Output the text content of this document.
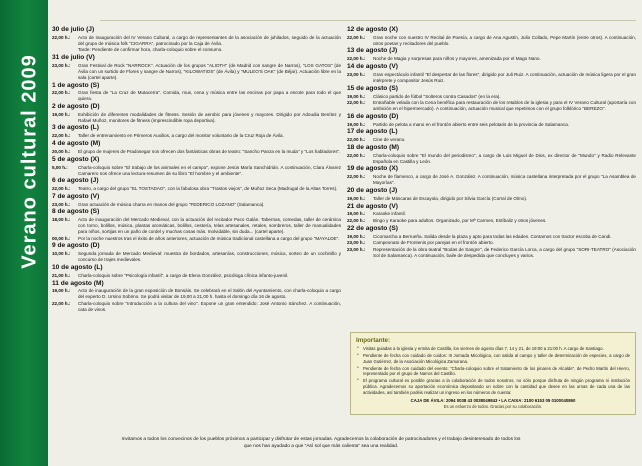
Verano cultural 2009
30 de julio (J)
22,00 h.:	Acto de inauguración del IV Verano Cultural, a cargo de representantes de la asociación de juhilados, seguido de la actuación del grupo de música folk "CIGARRA", patrocinado por la Caja de Ávila.
Tarde: Pendiente de confirmar hora, charla-coloquio sobre el consumo.
31 de julio (V)
23,00 h.:	Gran Festival de Rock "NARROCK". Actuación de los grupos "ALIOTH" (de Madrid con sangre de Narros), "LOS GATOS" (de Ávila con un surtido de Flores y sangre de Narros), "KILOWATIOS" (de Ávila) y "MULEO'S OAK" (de Béjar). Actuación libre en la sala (cartel aparte).
1 de agosto (S)
22,00 h.:	Gran fiesta de "La Cruz de Mutacerra". Comida, mus, cena y música entre las encinas por papa a escote para todo el que quiera.
2 de agosto (D)
19,00 h.:	Exhibición de diferentes modalidades de fitness. Sesión de aerobic para jóvenes y mayores. Dirigido por Adoudia Benítez y Rafael Muñoz, monitores de fitness (imprescindible ropa deportiva).
3 de agosto (L)
22,00 h.:	Taller de entrenamiento en Primeros Auxilios, a cargo del monitor voluntario de la Cruz Roja de Ávila.
4 de agosto (M)
20,00 h.:	El grupo de mujeres de Pradosegar nos ofrecen dos fantásticas obras de teatro: "Sancho Panza en la muda" y "Los habladores".
5 de agosto (X)
5,00 h.:	Charla-coloquio sobre "El trabajo de los animales en el campo", expone Jesús María Sanchidrián. A continuación, Clara Álvarez Camarero nos ofrece una lectura-resumen de su libro "El hombre y el ambiente".
6 de agosto (J)
22,00 h.:	Teatro, a cargo del grupo "EL TOSTADAO", con la fabulosa obra "Trastos viejos", de Muñoz Seca (Madrugal de la Altas Torres).
7 de agosto (V)
23,00 h.:	Gran actuación de música charra en manos del grupo "FEDERICO LOZANO" (Salamanca).
8 de agosto (S)
18,00 h.:	Acto de inauguración del Mercado Medieval, con la actuación del recitador Paco Galán. Tabernas, comedas, taller de cerámica con torno, bolillos, música, plantas aromáticas, bolillos, cestería, telas artesanales, retales, sombreros, taller de manualidades para niños, sortijas en un paño de cordel y muchas cosas más. Inolvidable, sin duda... (cartel aparte).
00,00 h.:	Por la noche nuestros tras el éxito de años anteriores, actuación de música tradicional castellana a cargo del grupo "MAYALDE".
9 de agosto (D)
10,00 h.:	Segunda jornada de Mercado Medieval: muestra de bordados, artesanías, construcciones, música, sorteo de un cochinillo y concurso de trajes medievales.
10 de agosto (L)
21,00 h.:	Charla-coloquio sobre "Psicología infantil", a cargo de Elena González, psicóloga clínica infanto-juvenil.
11 de agosto (M)
19,00 h.:	Acto de inauguración de la gran exposición de Bonsáis. Se celebrará en el Salón del Ayuntamiento, con charla-coloquio a cargo del experto D. Ursino Sobrino. Se podrá visitar de 19,00 a 21,00 h. hasta el domingo día 16 de agosto.
22,00 h.:	Charla-coloquio sobre "Introducción a la cultura del vino". Expone un gran entendido: José Antonio Sánchez. A continuación, cata de vinos.
12 de agosto (X)
22,00 h.:	Gran noche con nuestro IV Recital de Poesía, a cargo de Ana Agustín, Julio Collado, Pepe Martín (entre otros). A continuación, otros poetas y recitadores del pueblo.
13 de agosto (J)
22,00 h.:	Noche de Magia y sorpresas para niños y mayores, amenizada por el Mago Nano.
14 de agosto (V)
23,00 h.:	Gran espectáculo infantil "El despertar de las flores", dirigido por Juli Ruiz. A continuación, actuación de música ligera por el gran intérprete y compositor Jesús Ruiz.
15 de agosto (S)
19,00 h.:	Clásico partido de fútbol "Solteros contra Casados" (en la era).
22,00 h.:	Entrañable velada con la Cena benéfica para restauración de los retablos de la iglesia y para el IV Verano Cultural (aportaría con ambición en el hipermercado). A continuación, actuación musical que repetimos con el grupo folklórico "BEREZO".
16 de agosto (D)
19,00 h.:	Partido de pelota a mano en el frontón abierto entre seis pelotaris de la provincia de Salamanca.
17 de agosto (L)
22,00 h.:	Cine de verano.
18 de agosto (M)
22,00 h.:	Charla-coloquio sobre "El mundo del periodismo", a cargo de Luis Miguel de Dios, ex director de "Mundo" y Radio Relevante Española en Castilla y León.
19 de agosto (X)
22,00 h.:	Noche de flamenco, a cargo de José A. González. A continuación, música castellana interpretada por el grupo "La Asamblea de Mayorías".
20 de agosto (J)
19,00 h.:	Taller de Máscaras de Escayola, dirigido por Silvia García (Corral de Olmo).
21 de agosto (V)
19,00 h.:	Karaoke infantil.
22,00 h.:	Bingo y Karaoke para adultos. Organizado, por Mª Carmen, Estíbaliz y otros jóvenes.
22 de agosto (S)
19,00 h.:	Cicomarcha a Berrueña. Salida desde la plaza y apto para todas las edades. Contamos con tractor escoba de Candi.
23,00 h.:	Campeonato de Frontenis por parejas en el frontón abierto.
23,00 h.:	Representación de la obra teatral "Bodas de Sangre", de Federico García Lorca, a cargo del grupo "SORI-TEATRO" (Asociación Sol de Salamanca). A continuación, baile de despedida que concluyes y varios.
Importante:
• Visitas guiadas a la iglesia y ermita de Castilla, los viernes de agosto días 7, 14 y 21, de 19:00 a 21:00 h. A cargo de Santiago.
• Pendiente de fecha con cuidado de cuidos: III Jornada Micológica, con salida al campo y taller de determinación de especies, a cargo de Juan Gutiérrez, de la Asociación Micológica Zamorana.
• Pendiente de fecha con cuidado del evento: "Charla-coloquio sobre el tratamiento de los pinares de Alcalde", de Pedro Martín del Hierro, representado por el grupo de Narros del Castillo.
• El programa cultural es posible gracias a la colaboración de todos nosotros, no sólo porque disfruta de ningún programa ni institución pública. Agradecemos su aportación económica depositando un sobre con la cantidad que desee en las urnas de cada una de las actividades, así también podéis realizar un ingreso en los números de cuenta:
CAJA DE ÁVILA: 2094 0038 43 0038049843 • LA CAIXA: 2100 6153 05 0100040860
Es un esfuerzo de todos. Gracias por su colaboración.
Invitamos a todos los convecinos de los pueblos próximos a participar y disfrutar de estas jornadas. Agradecemos la colaboración de patrocinadores y el trabajo desinteresado de todos los
que nos han ayudado a que "Así sol que más calienta" sea una realidad.
